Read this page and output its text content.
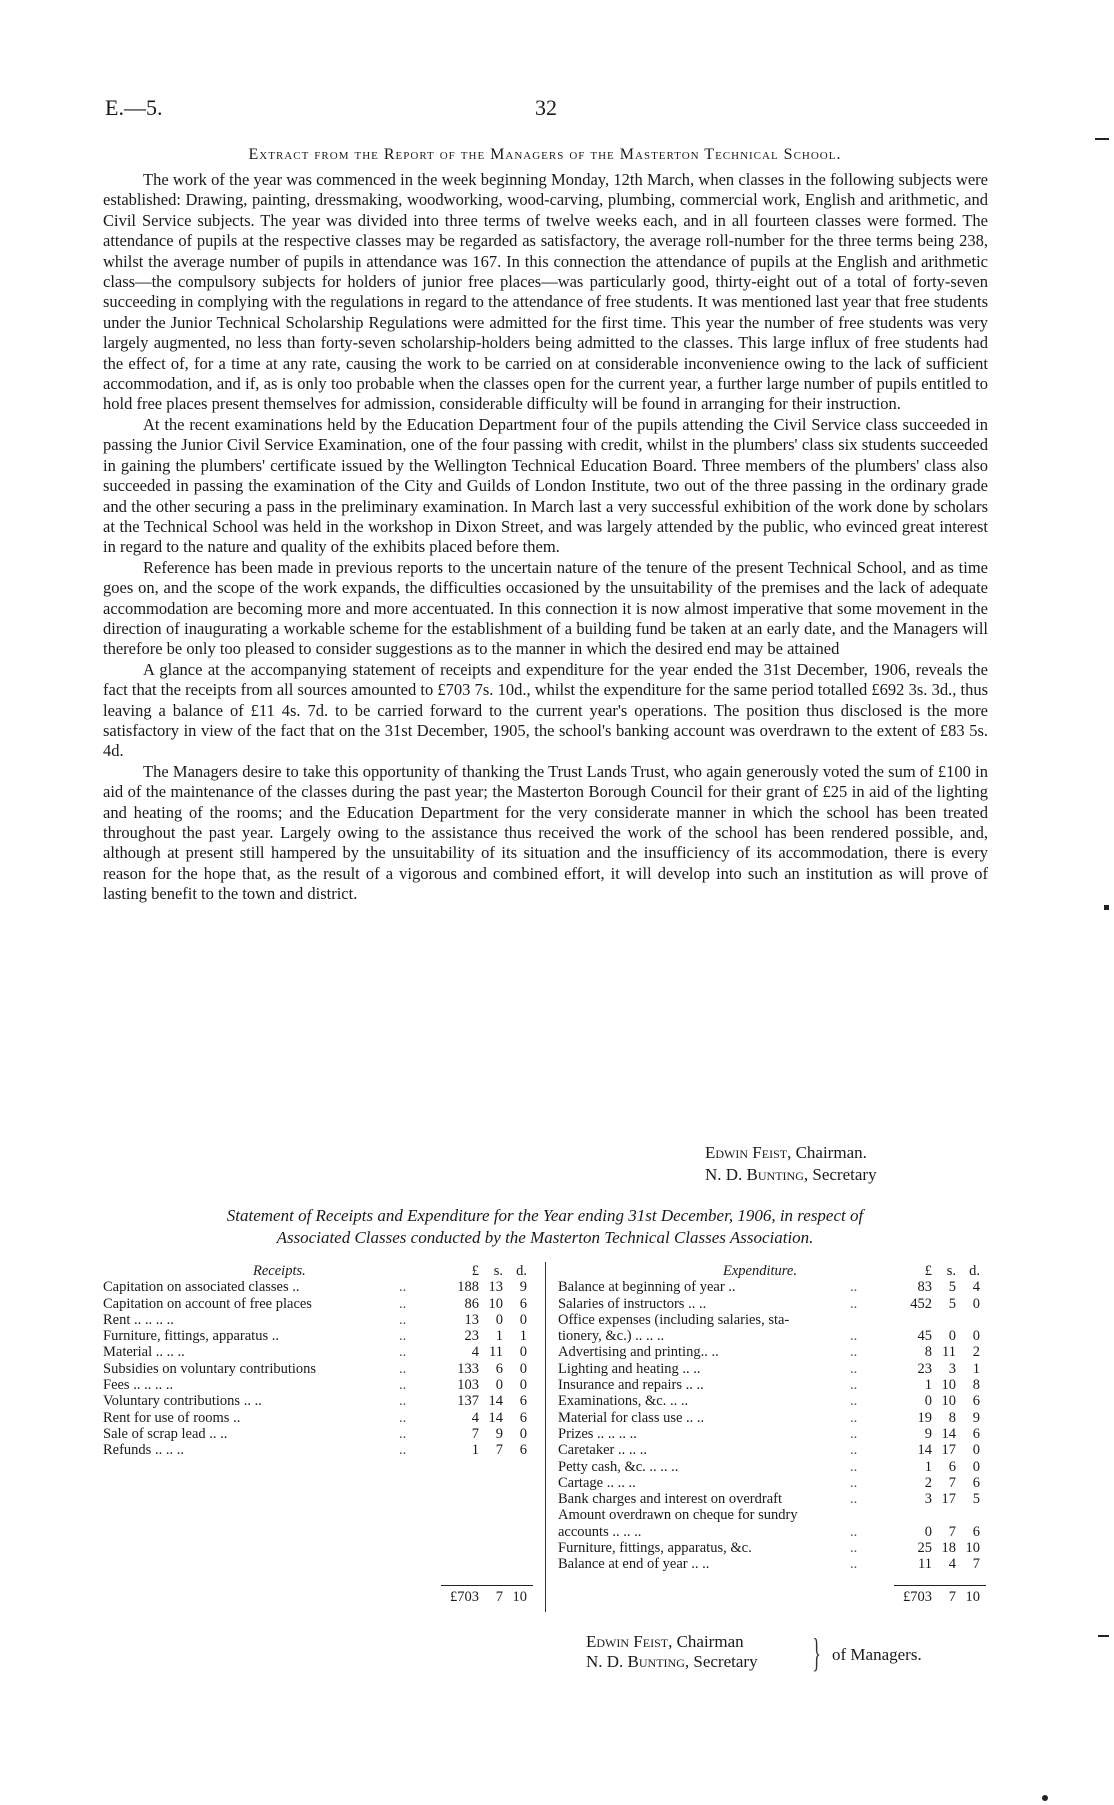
E.—5.	32
Extract from the Report of the Managers of the Masterton Technical School.

The work of the year was commenced in the week beginning Monday, 12th March, when classes in the following subjects were established: Drawing, painting, dressmaking, woodworking, wood-carving, plumbing, commercial work, English and arithmetic, and Civil Service subjects. The year was divided into three terms of twelve weeks each, and in all fourteen classes were formed. The attendance of pupils at the respective classes may be regarded as satisfactory, the average roll-number for the three terms being 238, whilst the average number of pupils in attendance was 167. In this connection the attendance of pupils at the English and arithmetic class—the compulsory subjects for holders of junior free places—was particularly good, thirty-eight out of a total of forty-seven succeeding in complying with the regulations in regard to the attendance of free students. It was mentioned last year that free students under the Junior Technical Scholarship Regulations were admitted for the first time. This year the number of free students was very largely augmented, no less than forty-seven scholarship-holders being admitted to the classes. This large influx of free students had the effect of, for a time at any rate, causing the work to be carried on at considerable inconvenience owing to the lack of sufficient accommodation, and if, as is only too probable when the classes open for the current year, a further large number of pupils entitled to hold free places present themselves for admission, considerable difficulty will be found in arranging for their instruction.

At the recent examinations held by the Education Department four of the pupils attending the Civil Service class succeeded in passing the Junior Civil Service Examination, one of the four passing with credit, whilst in the plumbers' class six students succeeded in gaining the plumbers' certificate issued by the Wellington Technical Education Board. Three members of the plumbers' class also succeeded in passing the examination of the City and Guilds of London Institute, two out of the three passing in the ordinary grade and the other securing a pass in the preliminary examination. In March last a very successful exhibition of the work done by scholars at the Technical School was held in the workshop in Dixon Street, and was largely attended by the public, who evinced great interest in regard to the nature and quality of the exhibits placed before them.

Reference has been made in previous reports to the uncertain nature of the tenure of the present Technical School, and as time goes on, and the scope of the work expands, the difficulties occasioned by the unsuitability of the premises and the lack of adequate accommodation are becoming more and more accentuated. In this connection it is now almost imperative that some movement in the direction of inaugurating a workable scheme for the establishment of a building fund be taken at an early date, and the Managers will therefore be only too pleased to consider suggestions as to the manner in which the desired end may be attained

A glance at the accompanying statement of receipts and expenditure for the year ended the 31st December, 1906, reveals the fact that the receipts from all sources amounted to £703 7s. 10d., whilst the expenditure for the same period totalled £692 3s. 3d., thus leaving a balance of £11 4s. 7d. to be carried forward to the current year's operations. The position thus disclosed is the more satisfactory in view of the fact that on the 31st December, 1905, the school's banking account was overdrawn to the extent of £83 5s. 4d.

The Managers desire to take this opportunity of thanking the Trust Lands Trust, who again generously voted the sum of £100 in aid of the maintenance of the classes during the past year; the Masterton Borough Council for their grant of £25 in aid of the lighting and heating of the rooms; and the Education Department for the very considerate manner in which the school has been treated throughout the past year. Largely owing to the assistance thus received the work of the school has been rendered possible, and, although at present still hampered by the unsuitability of its situation and the insufficiency of its accommodation, there is every reason for the hope that, as the result of a vigorous and combined effort, it will develop into such an institution as will prove of lasting benefit to the town and district.

Edwin Feist, Chairman.
N. D. Bunting, Secretary
Statement of Receipts and Expenditure for the Year ending 31st December, 1906, in respect of
Associated Classes conducted by the Masterton Technical Classes Association.
Receipts.	£	s. d.
Capitation on associated classes ..	..	188 13	9
Capitation on account of free places	..	86 10	6
Rent .. .. .. ..	..	13	0	0
Furniture, fittings, apparatus ..	..	23	1	1
Material .. .. ..	..	4 11	0
Subsidies on voluntary contributions	..	133	6	0
Fees .. .. .. ..	..	103	0	0
Voluntary contributions .. ..	..	137 14	6
Rent for use of rooms ..	..	4 14	6
Sale of scrap lead .. ..	..	7	9	0
Refunds .. .. ..	..	1	7	6
£703	7 10
Expenditure.	£	s. d.
Balance at beginning of year ..	..	83	5	4
Salaries of instructors .. ..	..	452	5	0
Office expenses (including salaries, sta-
tionery, &c.) .. .. ..	..	45	0	0
Advertising and printing.. ..	..	8 11	2
Lighting and heating .. ..	..	23	3	1
Insurance and repairs .. ..	..	1 10	8
Examinations, &c. .. ..	..	0 10	6
Material for class use .. ..	..	19	8	9
Prizes .. .. .. ..	..	9 14	6
Caretaker .. .. ..	..	14 17	0
Petty cash, &c. .. .. ..	..	1	6	0
Cartage .. .. ..	..	2	7	6
Bank charges and interest on overdraft	..	3 17	5
Amount overdrawn on cheque for sundry
accounts .. .. ..	..	0	7	6
Furniture, fittings, apparatus, &c.	..	25 18 10
Balance at end of year .. ..	..	11	4	7
£703	7 10
Edwin Feist, Chairman
N. D. Bunting, Secretary } of Managers.
